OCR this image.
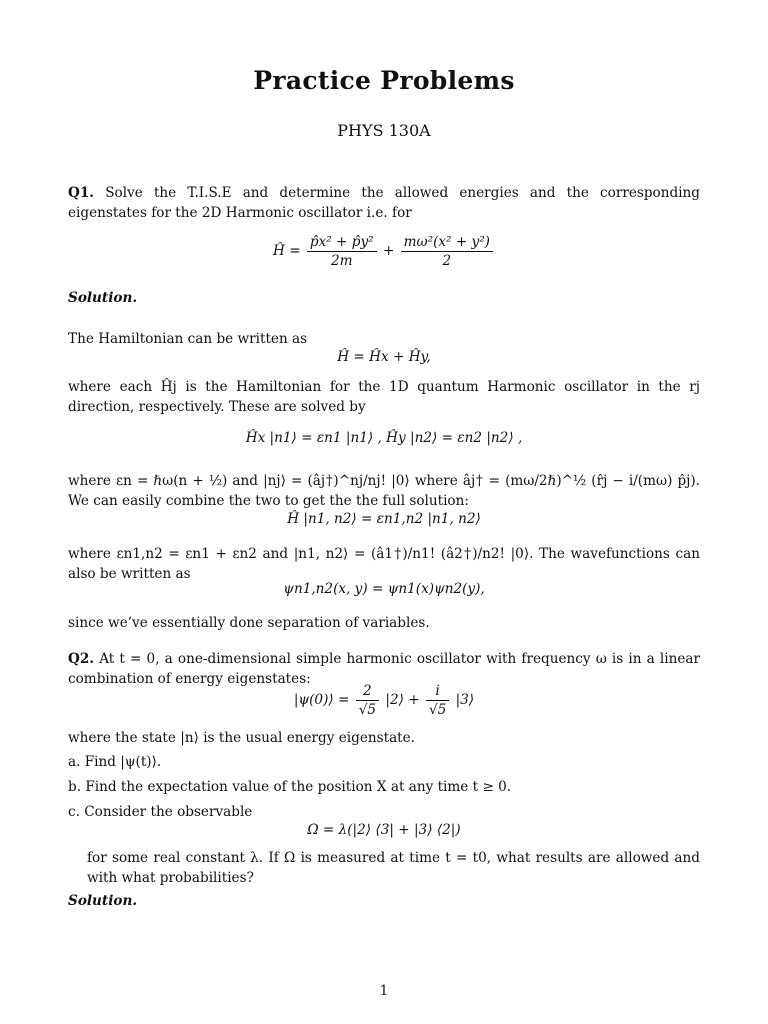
Practice Problems
PHYS 130A
Q1. Solve the T.I.S.E and determine the allowed energies and the corresponding eigenstates for the 2D Harmonic oscillator i.e. for
Ĥ = $\frac{\text{p̂x² + p̂y²}}{2m} + \frac{\text{mω²(x² + y²)}}{2}$
Solution.
The Hamiltonian can be written as
Ĥ = Ĥx + Ĥy,
where each Ĥj is the Hamiltonian for the 1D quantum Harmonic oscillator in the rj direction, respectively. These are solved by
Ĥx |n1⟩ = εn1 |n1⟩ , Ĥy |n2⟩ = εn2 |n2⟩ ,
where εn = ℏω(n + ½) and |nj⟩ = (âj†)^nj/nj! |0⟩ where âj† = (mω/2ℏ)^½ (r̂j − i/(mω) p̂j). We can easily combine the two to get the the full solution:
Ĥ |n1, n2⟩ = εn1,n2 |n1, n2⟩
where εn1,n2 = εn1 + εn2 and |n1, n2⟩ = (â1†)/n1! (â2†)/n2! |0⟩. The wavefunctions can also be written as
ψn1,n2(x, y) = ψn1(x)ψn2(y),
since we’ve essentially done separation of variables.
Q2. At t = 0, a one-dimensional simple harmonic oscillator with frequency ω is in a linear combination of energy eigenstates:
|ψ(0)⟩ = $\frac{2}{√5}$ |2⟩ + $\frac{i}{√5}$ |3⟩
where the state |n⟩ is the usual energy eigenstate.
a. Find |ψ(t)⟩.
b. Find the expectation value of the position X at any time t ≥ 0.
c. Consider the observable
Ω = λ(|2⟩ ⟨3| + |3⟩ ⟨2|)
for some real constant λ. If Ω is measured at time t = t0, what results are allowed and with what probabilities?
Solution.
1
